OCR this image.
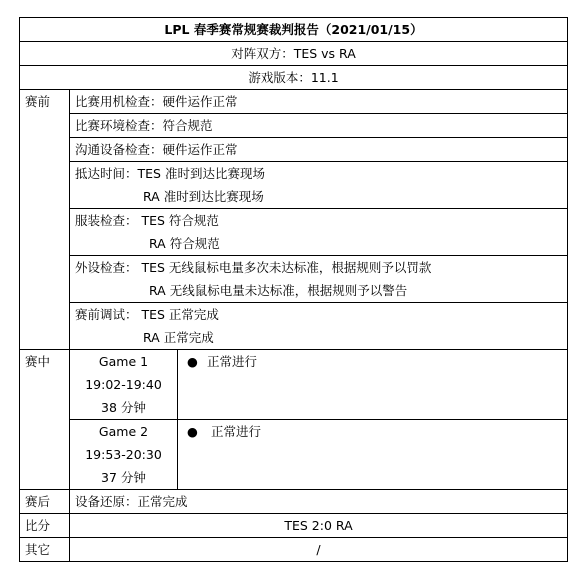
LPL 春季赛常规赛裁判报告（2021/01/15）		
对阵双方：TES vs RA		
游戏版本：11.1		
赛前	比赛用机检查：硬件运作正常	
	比赛环境检查：符合规范	
	沟通设备检查：硬件运作正常	

	抵达时间：TES 准时到达比赛现场
RA 准时到达比赛现场	

	服装检查： TES 符合规范
RA 符合规范	

	外设检查： TES 无线鼠标电量多次未达标准，根据规则予以罚款
RA 无线鼠标电量未达标准，根据规则予以警告	

	赛前调试： TES 正常完成
RA 正常完成	

赛中	Game 1
19:02-19:40
38 分钟	● 正常进行

	Game 2
19:53-20:30
37 分钟	● 正常进行
赛后	设备还原：正常完成	
比分	TES 2:0 RA	
其它	/	
